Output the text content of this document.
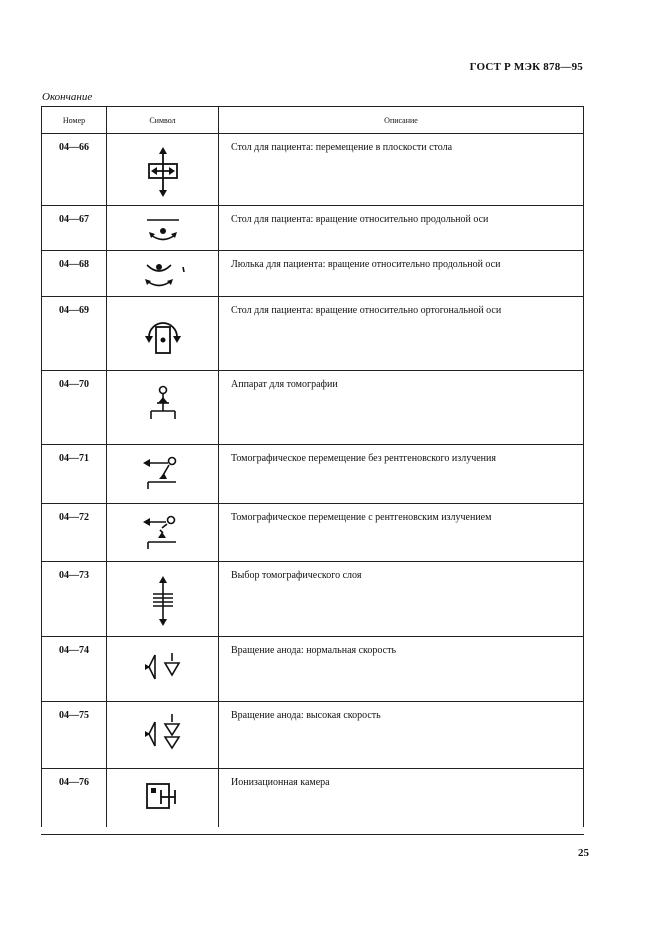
ГОСТ Р МЭК 878—95
Окончание
Номер	Символ	Описание
04—66		Стол для пациента: перемещение в плоскости стола
04—67		Стол для пациента: вращение относительно продольной оси
04—68		Люлька для пациента: вращение относительно продольной оси
04—69		Стол для пациента: вращение относительно ортогональной оси
04—70		Аппарат для томографии
04—71		Томографическое перемещение без рентгеновского излучения
04—72		Томографическое перемещение с рентгеновским излучением
04—73		Выбор томографического слоя
04—74		Вращение анода: нормальная скорость
04—75		Вращение анода: высокая скорость
04—76		Ионизационная камера
25
